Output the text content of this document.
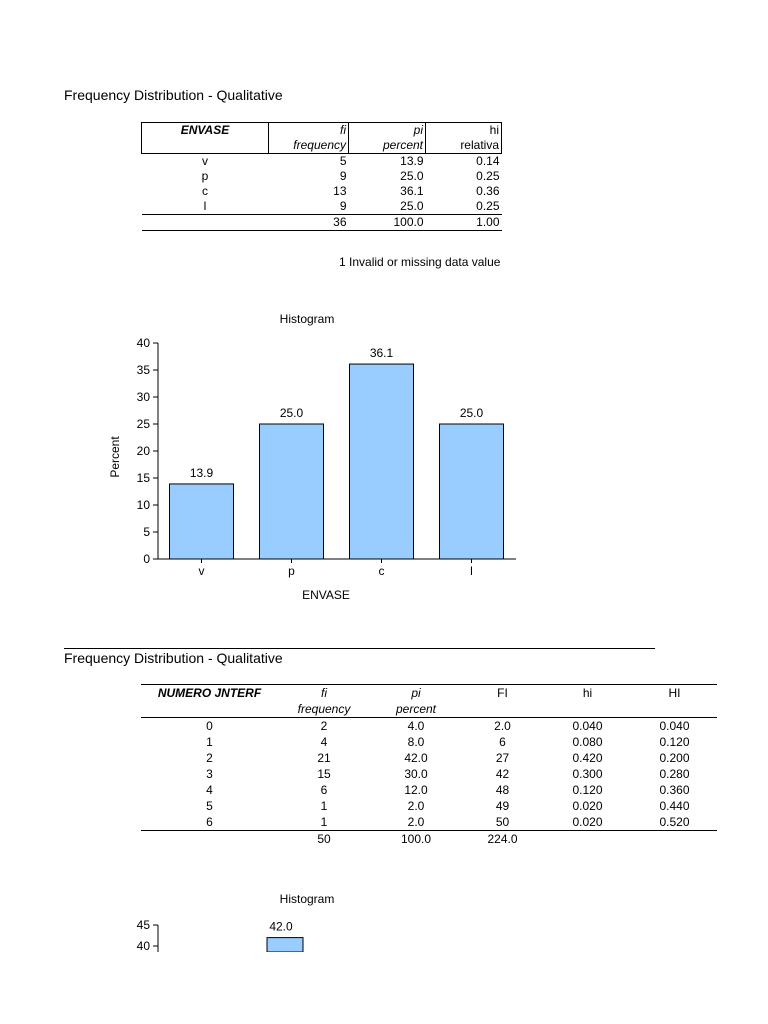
Frequency Distribution - Qualitative
ENVASE	fi	pi	hi
	frequency	percent	relativa
v	5	13.9	0.14
p	9	25.0	0.25
c	13	36.1	0.36
l	9	25.0	0.25
	36	100.0	1.00
1 Invalid or missing data value
Histogram
Percent
ENVASE
0
5
10
15
20
25
30
35
40
v	p	c	l
13.9
25.0
36.1
25.0
Frequency Distribution - Qualitative
NUMERO JNTERF	fi	pi	FI	hi	HI
	frequency	percent			
0	2	4.0	2.0	0.040	0.040
1	4	8.0	6	0.080	0.120
2	21	42.0	27	0.420	0.200
3	15	30.0	42	0.300	0.280
4	6	12.0	48	0.120	0.360
5	1	2.0	49	0.020	0.440
6	1	2.0	50	0.020	0.520
	50	100.0	224.0		
Histogram
40
45	42.0
